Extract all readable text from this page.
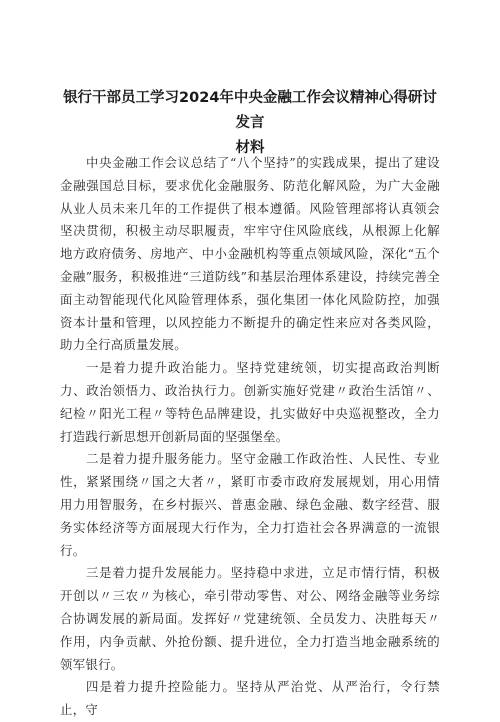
银行干部员工学习2024年中央金融工作会议精神心得研讨发言
材料

中央金融工作会议总结了“八个坚持”的实践成果，提出了建设金融强国总目标，要求优化金融服务、防范化解风险，为广大金融从业人员未来几年的工作提供了根本遵循。风险管理部将认真领会坚决贯彻，积极主动尽职履责，牢牢守住风险底线，从根源上化解地方政府债务、房地产、中小金融机构等重点领域风险，深化“五个金融”服务，积极推进“三道防线”和基层治理体系建设，持续完善全面主动智能现代化风险管理体系，强化集团一体化风险防控，加强资本计量和管理，以风控能力不断提升的确定性来应对各类风险，助力全行高质量发展。

一是着力提升政治能力。坚持党建统领，切实提高政治判断力、政治领悟力、政治执行力。创新实施好党建〃政治生活馆〃、纪检〃阳光工程〃等特色品牌建设，扎实做好中央巡视整改，全力打造践行新思想开创新局面的坚强堡垒。

二是着力提升服务能力。坚守金融工作政治性、人民性、专业性，紧紧围绕〃国之大者〃，紧盯市委市政府发展规划，用心用情用力用智服务，在乡村振兴、普惠金融、绿色金融、数字经营、服务实体经济等方面展现大行作为，全力打造社会各界满意的一流银行。

三是着力提升发展能力。坚持稳中求进，立足市情行情，积极开创以〃三农〃为核心，牵引带动零售、对公、网络金融等业务综合协调发展的新局面。发挥好〃党建统领、全员发力、决胜每天〃作用，内争贡献、外抢份额、提升进位，全力打造当地金融系统的领军银行。

四是着力提升控险能力。坚持从严治党、从严治行，令行禁止，守
